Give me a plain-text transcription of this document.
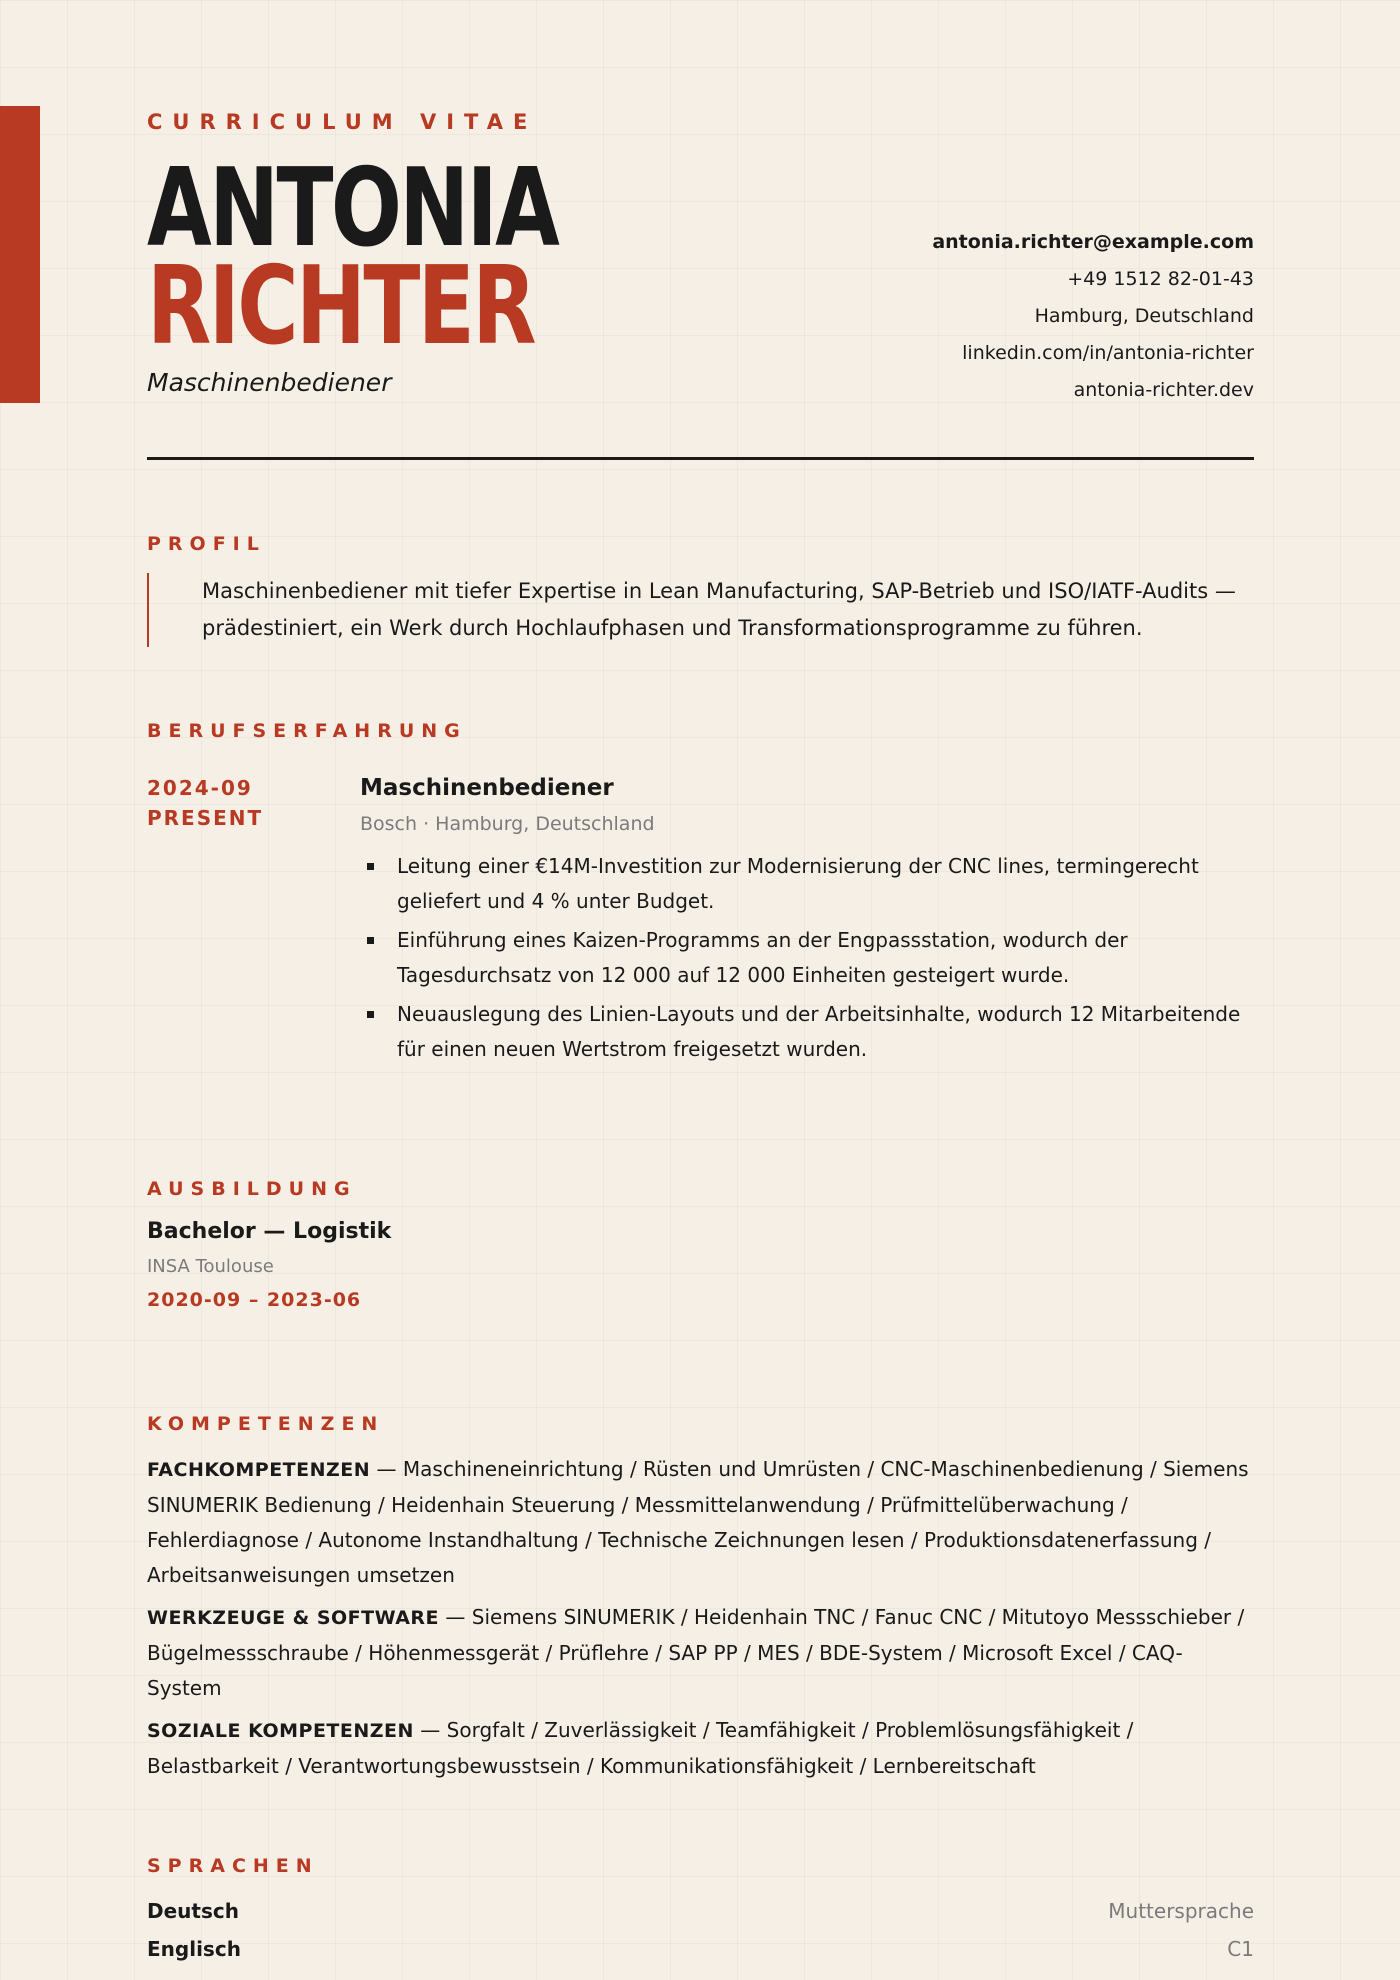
CURRICULUM VITAE
ANTONIA
RICHTER
Maschinenbediener
antonia.richter@example.com
+49 1512 82-01-43
Hamburg, Deutschland
linkedin.com/in/antonia-richter
antonia-richter.dev
PROFIL
Maschinenbediener mit tiefer Expertise in Lean Manufacturing, SAP-Betrieb und ISO/IATF-Audits — prädestiniert, ein Werk durch Hochlaufphasen und Transformationsprogramme zu führen.
BERUFSERFAHRUNG
2024-09
PRESENT
Maschinenbediener
Bosch · Hamburg, Deutschland
Leitung einer €14M-Investition zur Modernisierung der CNC lines, termingerecht geliefert und 4 % unter Budget.
Einführung eines Kaizen-Programms an der Engpassstation, wodurch der Tagesdurchsatz von 12 000 auf 12 000 Einheiten gesteigert wurde.
Neuauslegung des Linien-Layouts und der Arbeitsinhalte, wodurch 12 Mitarbeitende für einen neuen Wertstrom freigesetzt wurden.
AUSBILDUNG
Bachelor — Logistik
INSA Toulouse
2020-09 – 2023-06
KOMPETENZEN
FACHKOMPETENZEN — Maschineneinrichtung / Rüsten und Umrüsten / CNC-Maschinenbedienung / Siemens SINUMERIK Bedienung / Heidenhain Steuerung / Messmittelanwendung / Prüfmittelüberwachung / Fehlerdiagnose / Autonome Instandhaltung / Technische Zeichnungen lesen / Produktionsdatenerfassung / Arbeitsanweisungen umsetzen
WERKZEUGE & SOFTWARE — Siemens SINUMERIK / Heidenhain TNC / Fanuc CNC / Mitutoyo Messschieber / Bügelmessschraube / Höhenmessgerät / Prüflehre / SAP PP / MES / BDE-System / Microsoft Excel / CAQ-System
SOZIALE KOMPETENZEN — Sorgfalt / Zuverlässigkeit / Teamfähigkeit / Problemlösungsfähigkeit / Belastbarkeit / Verantwortungsbewusstsein / Kommunikationsfähigkeit / Lernbereitschaft
SPRACHEN
Deutsch	Muttersprache
Englisch	C1
